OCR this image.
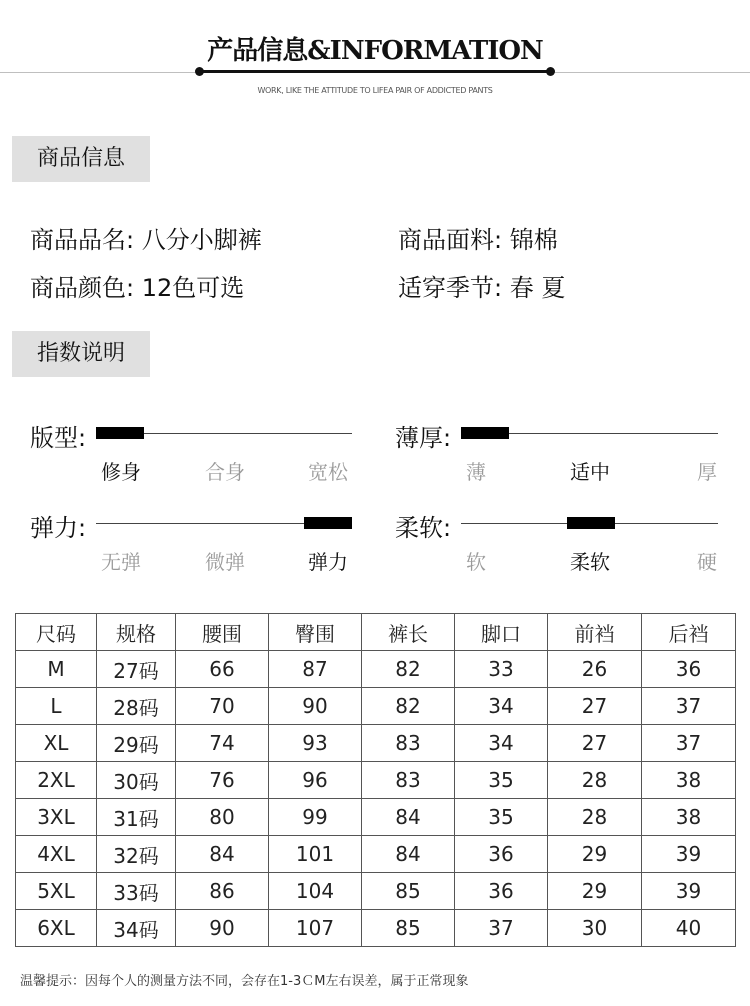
产品信息&INFORMATION
WORK, LIKE THE ATTITUDE TO LIFEA PAIR OF ADDICTED PANTS
商品信息
商品品名: 八分小脚裤	商品面料: 锦棉
商品颜色: 12色可选	适穿季节: 春 夏
指数说明
版型:
修身	合身	宽松
薄厚:
薄	适中	厚
弹力:
无弹	微弹	弹力
柔软:
软	柔软	硬
尺码	规格	腰围	臀围	裤长	脚口	前裆	后裆
M	27码	66	87	82	33	26	36
L	28码	70	90	82	34	27	37
XL	29码	74	93	83	34	27	37
2XL	30码	76	96	83	35	28	38
3XL	31码	80	99	84	35	28	38
4XL	32码	84	101	84	36	29	39
5XL	33码	86	104	85	36	29	39
6XL	34码	90	107	85	37	30	40
温馨提示：因每个人的测量方法不同，会存在1-3ＣM左右误差，属于正常现象
